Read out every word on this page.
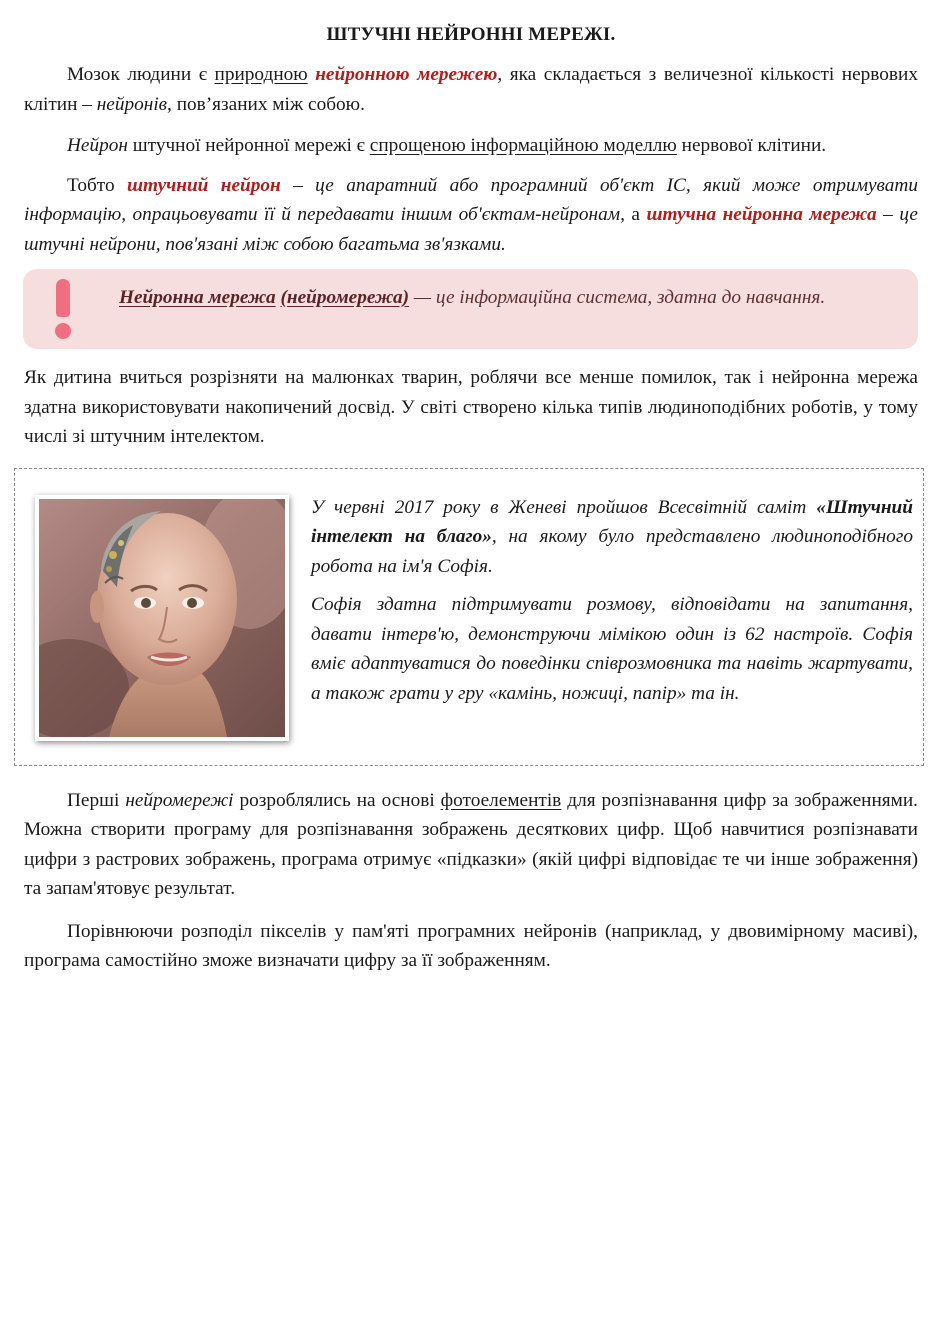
ШТУЧНІ НЕЙРОННІ МЕРЕЖІ.

Мозок людини є природною нейронною мережею, яка складається з величезної кількості нервових клітин – нейронів, пов’язаних між собою.

Нейрон штучної нейронної мережі є спрощеною інформаційною моделлю нервової клітини.

Тобто штучний нейрон – це апаратний або програмний об'єкт ІС, який може отримувати інформацію, опрацьовувати її й передавати іншим об'єктам-нейронам, а штучна нейронна мережа – це штучні нейрони, пов'язані між собою багатьма зв'язками.

Нейронна мережа (нейромережа) — це інформаційна система, здатна до навчання.

Як дитина вчиться розрізняти на малюнках тварин, роблячи все менше помилок, так і нейронна мережа здатна використовувати накопичений досвід. У світі створено кілька типів людиноподібних роботів, у тому числі зі штучним інтелектом.

У червні 2017 року в Женеві пройшов Всесвітній саміт «Штучний інтелект на благо», на якому було представлено людиноподібного робота на ім'я Софія.

Софія здатна підтримувати розмову, відповідати на запитання, давати інтерв'ю, демонструючи мімікою один із 62 настроїв. Софія вміє адаптуватися до поведінки співрозмовника та навіть жартувати, а також грати у гру «камінь, ножиці, папір» та ін.

Перші нейромережі розроблялись на основі фотоелементів для розпізнавання цифр за зображеннями. Можна створити програму для розпізнавання зображень десяткових цифр. Щоб навчитися розпізнавати цифри з растрових зображень, програма отримує «підказки» (якій цифрі відповідає те чи інше зображення) та запам'ятовує результат.

Порівнюючи розподіл пікселів у пам'яті програмних нейронів (наприклад, у двовимірному масиві), програма самостійно зможе визначати цифру за її зображенням.
